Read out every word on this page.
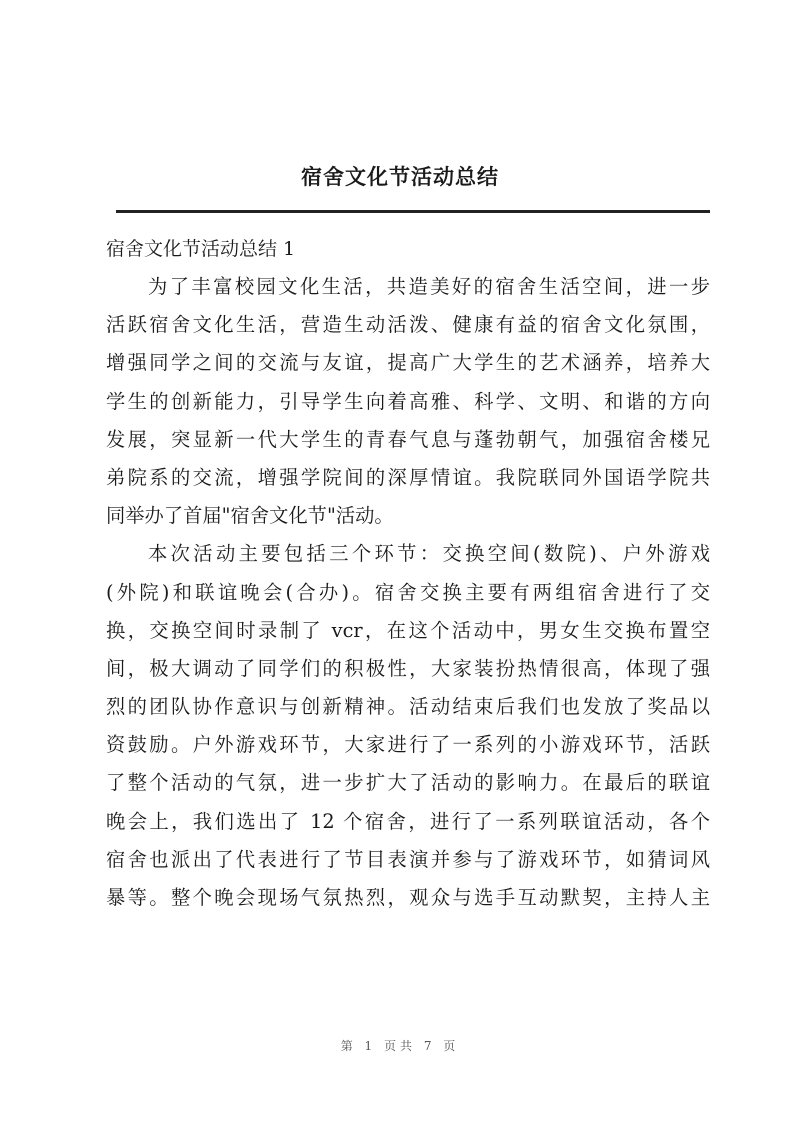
宿舍文化节活动总结
宿舍文化节活动总结 1
为了丰富校园文化生活，共造美好的宿舍生活空间，进一步
活跃宿舍文化生活，营造生动活泼、健康有益的宿舍文化氛围，
增强同学之间的交流与友谊，提高广大学生的艺术涵养，培养大
学生的创新能力，引导学生向着高雅、科学、文明、和谐的方向
发展，突显新一代大学生的青春气息与蓬勃朝气，加强宿舍楼兄
弟院系的交流，增强学院间的深厚情谊。我院联同外国语学院共
同举办了首届"宿舍文化节"活动。
本次活动主要包括三个环节：交换空间(数院)、户外游戏
(外院)和联谊晚会(合办)。宿舍交换主要有两组宿舍进行了交
换，交换空间时录制了 vcr，在这个活动中，男女生交换布置空
间，极大调动了同学们的积极性，大家装扮热情很高，体现了强
烈的团队协作意识与创新精神。活动结束后我们也发放了奖品以
资鼓励。户外游戏环节，大家进行了一系列的小游戏环节，活跃
了整个活动的气氛，进一步扩大了活动的影响力。在最后的联谊
晚会上，我们选出了 12 个宿舍，进行了一系列联谊活动，各个
宿舍也派出了代表进行了节目表演并参与了游戏环节，如猜词风
暴等。整个晚会现场气氛热烈，观众与选手互动默契，主持人主
第 1 页共 7 页
